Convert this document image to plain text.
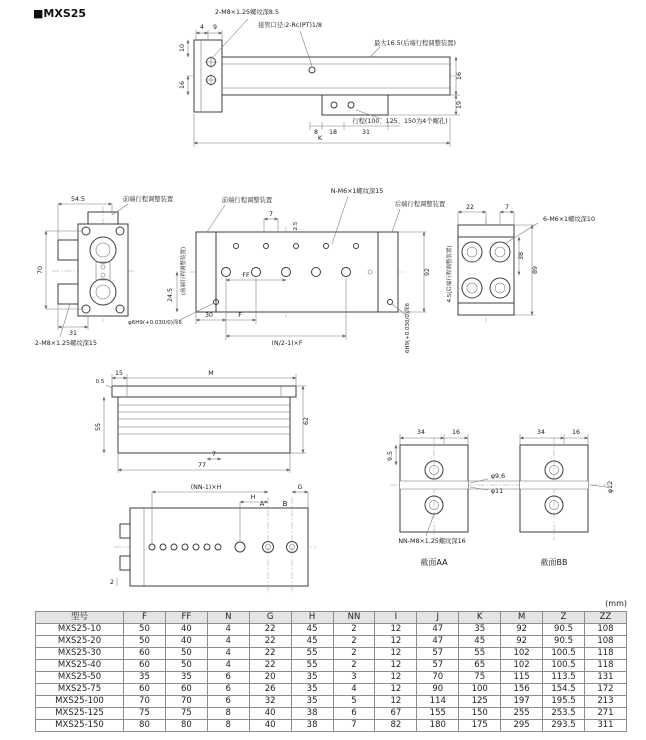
■MXS25	2-M8×1.25螺纹深8.5
接管口径:2-Rc(PT)1/8
最大16.5(后端行程调整装置)
行程(100、125、150为4个螺孔)
4 9
10
16
16
19
8 18	31
K
54.5	前端行程调整装置
70
31
2-M8×1.25螺纹深15
前端行程调整装置
N-M6×1螺纹深15
后端行程调整装置
(前端行程调整装置)
7
2.5
24.5
92
FF
F
30
(N/2-1)×F
φ6H9(+0.030/0)深6	6H9(+0.030/0)深6
22	7
6-M6×1螺纹深10
38
89
4.5(后端行程调整装置)
15	M
0.5
55
62
7
77
(NN-1)×H
H
G
A	B
2
34	16	34	16
9.5
φ9.6
φ11	φ12
NN-M8×1.25螺纹深16
截面AA	截面BB
(mm)
型号	F	FF	N	G	H	NN	I	J	K	M	Z	ZZ
MXS25-10	50	40	4	22	45	2	12	47	35	92	90.5	108
MXS25-20	50	40	4	22	45	2	12	47	45	92	90.5	108
MXS25-30	60	50	4	22	55	2	12	57	55	102	100.5	118
MXS25-40	60	50	4	22	55	2	12	57	65	102	100.5	118
MXS25-50	35	35	6	20	35	3	12	70	75	115	113.5	131
MXS25-75	60	60	6	26	35	4	12	90	100	156	154.5	172
MXS25-100	70	70	6	32	35	5	12	114	125	197	195.5	213
MXS25-125	75	75	8	40	38	6	67	155	150	255	253.5	271
MXS25-150	80	80	8	40	38	7	82	180	175	295	293.5	311
